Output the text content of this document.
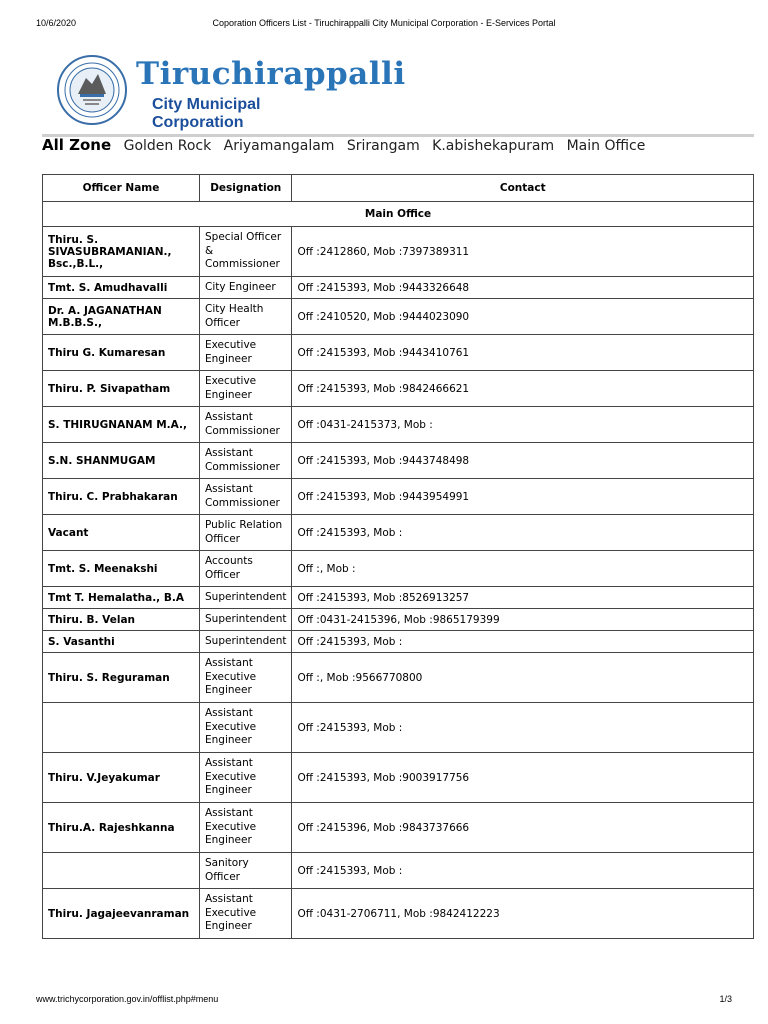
10/6/2020	Coporation Officers List - Tiruchirappalli City Municipal Corporation - E-Services Portal
Tiruchirappalli
City Municipal Corporation
All Zone Golden Rock Ariyamangalam Srirangam K.abishekapuram Main Office
Officer Name	Designation	Contact
Main Office		
Thiru. S. SIVASUBRAMANIAN., Bsc.,B.L.,	Special Officer & Commissioner	Off :2412860, Mob :7397389311
Tmt. S. Amudhavalli	City Engineer	Off :2415393, Mob :9443326648
Dr. A. JAGANATHAN M.B.B.S.,	City Health Officer	Off :2410520, Mob :9444023090
Thiru G. Kumaresan	Executive Engineer	Off :2415393, Mob :9443410761
Thiru. P. Sivapatham	Executive Engineer	Off :2415393, Mob :9842466621
S. THIRUGNANAM M.A.,	Assistant Commissioner	Off :0431-2415373, Mob :
S.N. SHANMUGAM	Assistant Commissioner	Off :2415393, Mob :9443748498
Thiru. C. Prabhakaran	Assistant Commissioner	Off :2415393, Mob :9443954991
Vacant	Public Relation Officer	Off :2415393, Mob :
Tmt. S. Meenakshi	Accounts Officer	Off :, Mob :
Tmt T. Hemalatha., B.A	Superintendent	Off :2415393, Mob :8526913257
Thiru. B. Velan	Superintendent	Off :0431-2415396, Mob :9865179399
S. Vasanthi	Superintendent	Off :2415393, Mob :
Thiru. S. Reguraman	Assistant Executive Engineer	Off :, Mob :9566770800
	Assistant Executive Engineer	Off :2415393, Mob :
Thiru. V.Jeyakumar	Assistant Executive Engineer	Off :2415393, Mob :9003917756
Thiru.A. Rajeshkanna	Assistant Executive Engineer	Off :2415396, Mob :9843737666
	Sanitory Officer	Off :2415393, Mob :
Thiru. Jagajeevanraman	Assistant Executive Engineer	Off :0431-2706711, Mob :9842412223
www.trichycorporation.gov.in/offlist.php#menu	1/3
